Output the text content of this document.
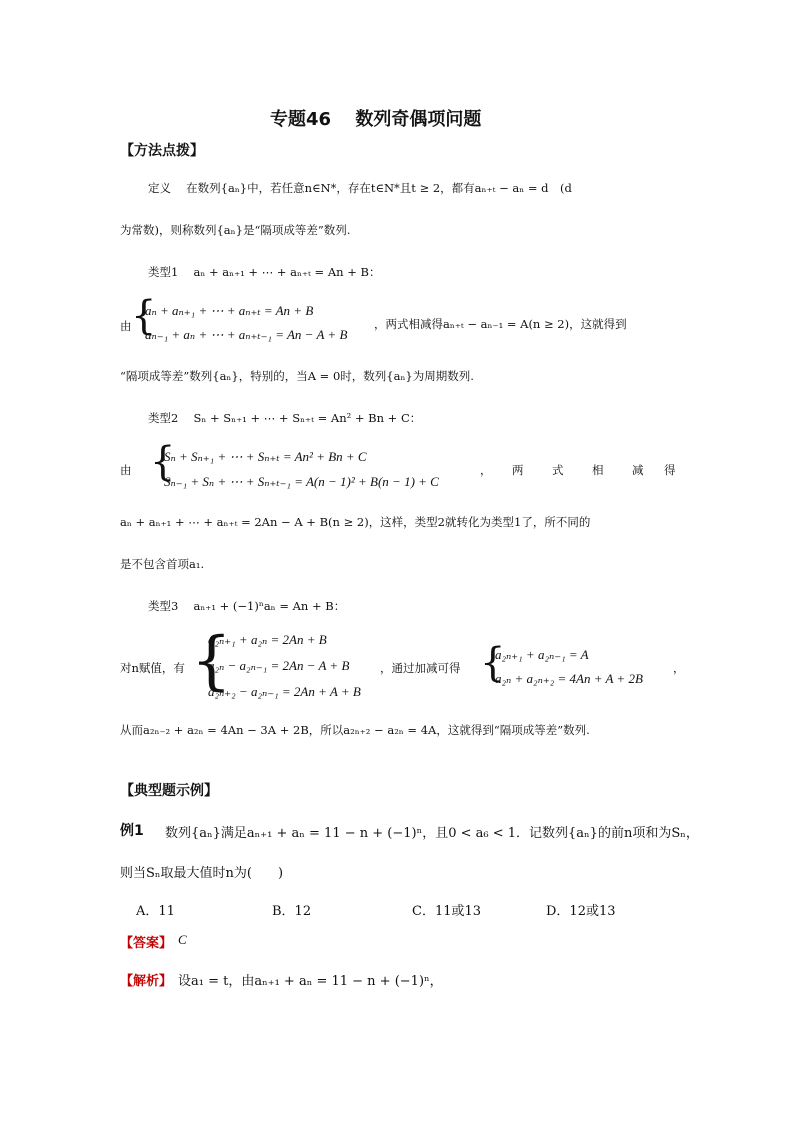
专题46　 数列奇偶项问题
【方法点拨】
定义　 在数列{aₙ}中，若任意n∈N*，存在t∈N*且t ≥ 2，都有aₙ₊ₜ − aₙ = d　(d
为常数)，则称数列{aₙ}是“隔项成等差”数列.
类型1　 aₙ + aₙ₊₁ + ⋯ + aₙ₊ₜ = An + B：
由 {
aₙ + aₙ₊₁ + ⋯ + aₙ₊ₜ = An + B
aₙ₋₁ + aₙ + ⋯ + aₙ₊ₜ₋₁ = An − A + B
，两式相减得aₙ₊ₜ − aₙ₋₁ = A(n ≥ 2)，这就得到
“隔项成等差”数列{aₙ}，特别的，当A = 0时，数列{aₙ}为周期数列.
类型2　 Sₙ + Sₙ₊₁ + ⋯ + Sₙ₊ₜ = An² + Bn + C：
由 {
Sₙ + Sₙ₊₁ + ⋯ + Sₙ₊ₜ = An² + Bn + C
Sₙ₋₁ + Sₙ + ⋯ + Sₙ₊ₜ₋₁ = A(n − 1)² + B(n − 1) + C
， 两 式 相 减 得
aₙ + aₙ₊₁ + ⋯ + aₙ₊ₜ = 2An − A + B(n ≥ 2)，这样，类型2就转化为类型1了，所不同的
是不包含首项a₁.
类型3　 aₙ₊₁ + (−1)ⁿaₙ = An + B：
对n赋值，有 {
a₂ₙ₊₁ + a₂ₙ = 2An + B
a₂ₙ − a₂ₙ₋₁ = 2An − A + B
a₂ₙ₊₂ − a₂ₙ₋₁ = 2An + A + B
，通过加减可得 {
a₂ₙ₊₁ + a₂ₙ₋₁ = A
a₂ₙ + a₂ₙ₊₂ = 4An + A + 2B
，
从而a₂ₙ₋₂ + a₂ₙ = 4An − 3A + 2B，所以a₂ₙ₊₂ − a₂ₙ = 4A，这就得到“隔项成等差”数列.
【典型题示例】
例1 数列{aₙ}满足aₙ₊₁ + aₙ = 11 − n + (−1)ⁿ，且0 < a₆ < 1．记数列{aₙ}的前n项和为Sₙ，
则当Sₙ取最大值时n为(　　)
A．11	B．12	C．11或13	D．12或13
【答案】 C
【解析】 设a₁ = t，由aₙ₊₁ + aₙ = 11 − n + (−1)ⁿ，
